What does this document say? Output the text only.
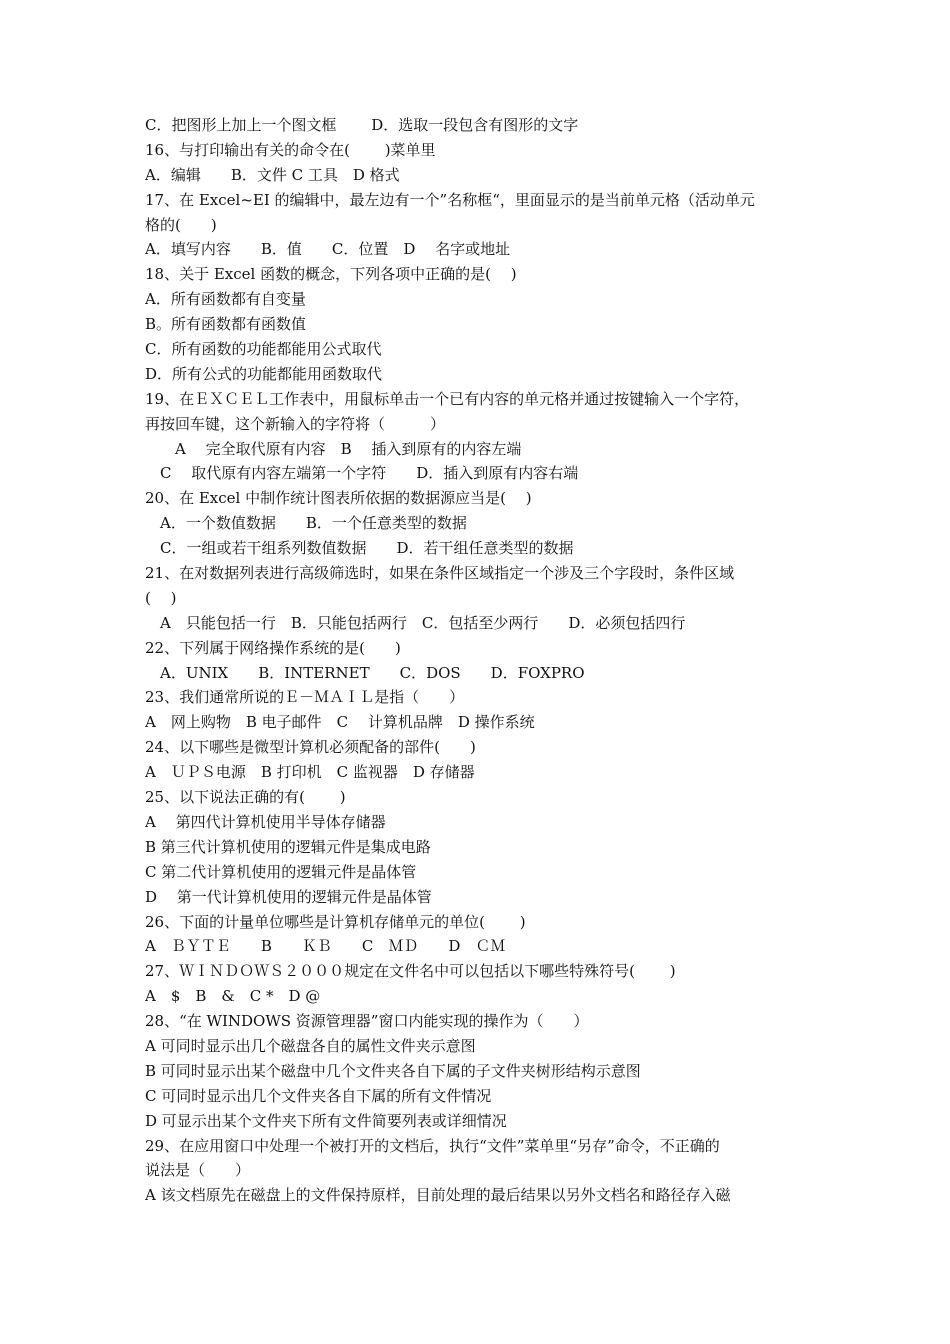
C．把图形上加上一个图文框　　 D．选取一段包含有图形的文字
16、与打印输出有关的命令在(　　 )菜单里
A．编辑　　B．文件 C 工具　D 格式
17、在 Excel~EI 的编辑中，最左边有一个”名称框“，里面显示的是当前单元格（活动单元
格的(　　)
A．填写内容　　B．值　　C．位置　D　 名字或地址
18、关于 Excel 函数的概念，下列各项中正确的是(　 )
A．所有函数都有自变量
B。所有函数都有函数值
C．所有函数的功能都能用公式取代
D．所有公式的功能都能用函数取代
19、在ＥＸＣＥＬ工作表中，用鼠标单击一个已有内容的单元格并通过按键输入一个字符，
再按回车键，这个新输入的字符将（　　　）
　　A　 完全取代原有内容　B　 插入到原有的内容左端
　C　 取代原有内容左端第一个字符　　D．插入到原有内容右端
20、在 Excel 中制作统计图表所依据的数据源应当是(　 )
　A．一个数值数据　　B．一个任意类型的数据
　C．一组或若干组系列数值数据　　D．若干组任意类型的数据
21、在对数据列表进行高级筛选时，如果在条件区域指定一个涉及三个字段时，条件区域
(　 )
　A　只能包括一行　B．只能包括两行　C．包括至少两行　　D．必须包括四行
22、下列属于网络操作系统的是(　　)
　A．UNIX　　B．INTERNET　　C．DOS　　D．FOXPRO
23、我们通常所说的Ｅ－ＭＡＩＬ是指（　　）
A　网上购物　B 电子邮件　C　 计算机品牌　D 操作系统
24、以下哪些是微型计算机必须配备的部件(　　)
A　ＵＰＳ电源　B 打印机　C 监视器　D 存储器
25、以下说法正确的有(　　 )
A　 第四代计算机使用半导体存储器
B 第三代计算机使用的逻辑元件是集成电路
C 第二代计算机使用的逻辑元件是晶体管
D　 第一代计算机使用的逻辑元件是晶体管
26、下面的计量单位哪些是计算机存储单元的单位(　　 )
A　ＢＹＴＥ　　B　　ＫＢ　　C　ＭＤ　　D　ＣＭ
27、ＷＩＮＤＯＷＳ２０００规定在文件名中可以包括以下哪些特殊符号(　　 )
A　$　B　&　C *　D @
28、“在 WINDOWS 资源管理器”窗口内能实现的操作为（　　）
A 可同时显示出几个磁盘各自的属性文件夹示意图
B 可同时显示出某个磁盘中几个文件夹各自下属的子文件夹树形结构示意图
C 可同时显示出几个文件夹各自下属的所有文件情况
D 可显示出某个文件夹下所有文件简要列表或详细情况
29、在应用窗口中处理一个被打开的文档后，执行“文件”菜单里“另存”命令，不正确的
说法是（　　）
A 该文档原先在磁盘上的文件保持原样，目前处理的最后结果以另外文档名和路径存入磁
